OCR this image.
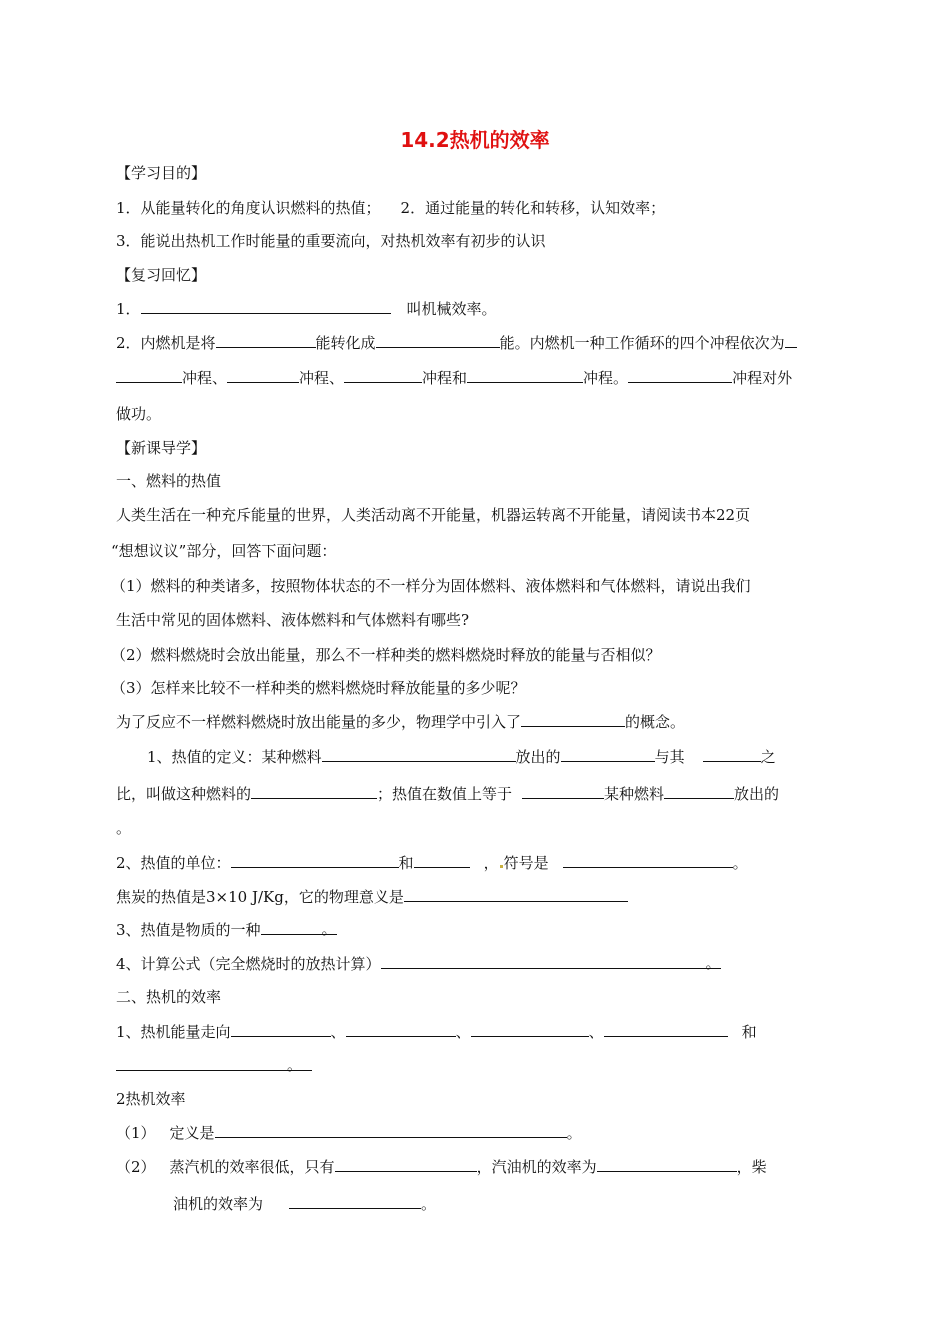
14.2热机的效率
【学习目的】
1．从能量转化的角度认识燃料的热值； 2．通过能量的转化和转移，认知效率；
3．能说出热机工作时能量的重要流向，对热机效率有初步的认识
【复习回忆】
1．	叫机械效率。
2．内燃机是将	能转化成	能。内燃机一种工作循环的四个冲程依次为
冲程、	冲程、	冲程和	冲程。	冲程对外
做功。
【新课导学】
一、燃料的热值
人类生活在一种充斥能量的世界，人类活动离不开能量，机器运转离不开能量，请阅读书本22页
“想想议议”部分，回答下面问题：
（1）燃料的种类诸多，按照物体状态的不一样分为固体燃料、液体燃料和气体燃料，请说出我们
生活中常见的固体燃料、液体燃料和气体燃料有哪些?
（2）燃料燃烧时会放出能量，那么不一样种类的燃料燃烧时释放的能量与否相似？
（3）怎样来比较不一样种类的燃料燃烧时释放能量的多少呢？
为了反应不一样燃料燃烧时放出能量的多少，物理学中引入了	的概念。
1、热值的定义：某种燃料	放出的	与其	之
比，叫做这种燃料的	；热值在数值上等于	某种燃料	放出的
。
2、热值的单位：	和	， 符号是	。
焦炭的热值是3×10 J/Kg，它的物理意义是
3、热值是物质的一种	。
4、计算公式（完全燃烧时的放热计算）	。
二、热机的效率
1、热机能量走向	、	、	、	和
。
2热机效率
（1） 定义是	。
（2） 蒸汽机的效率很低，只有	，汽油机的效率为	，柴
油机的效率为	。
